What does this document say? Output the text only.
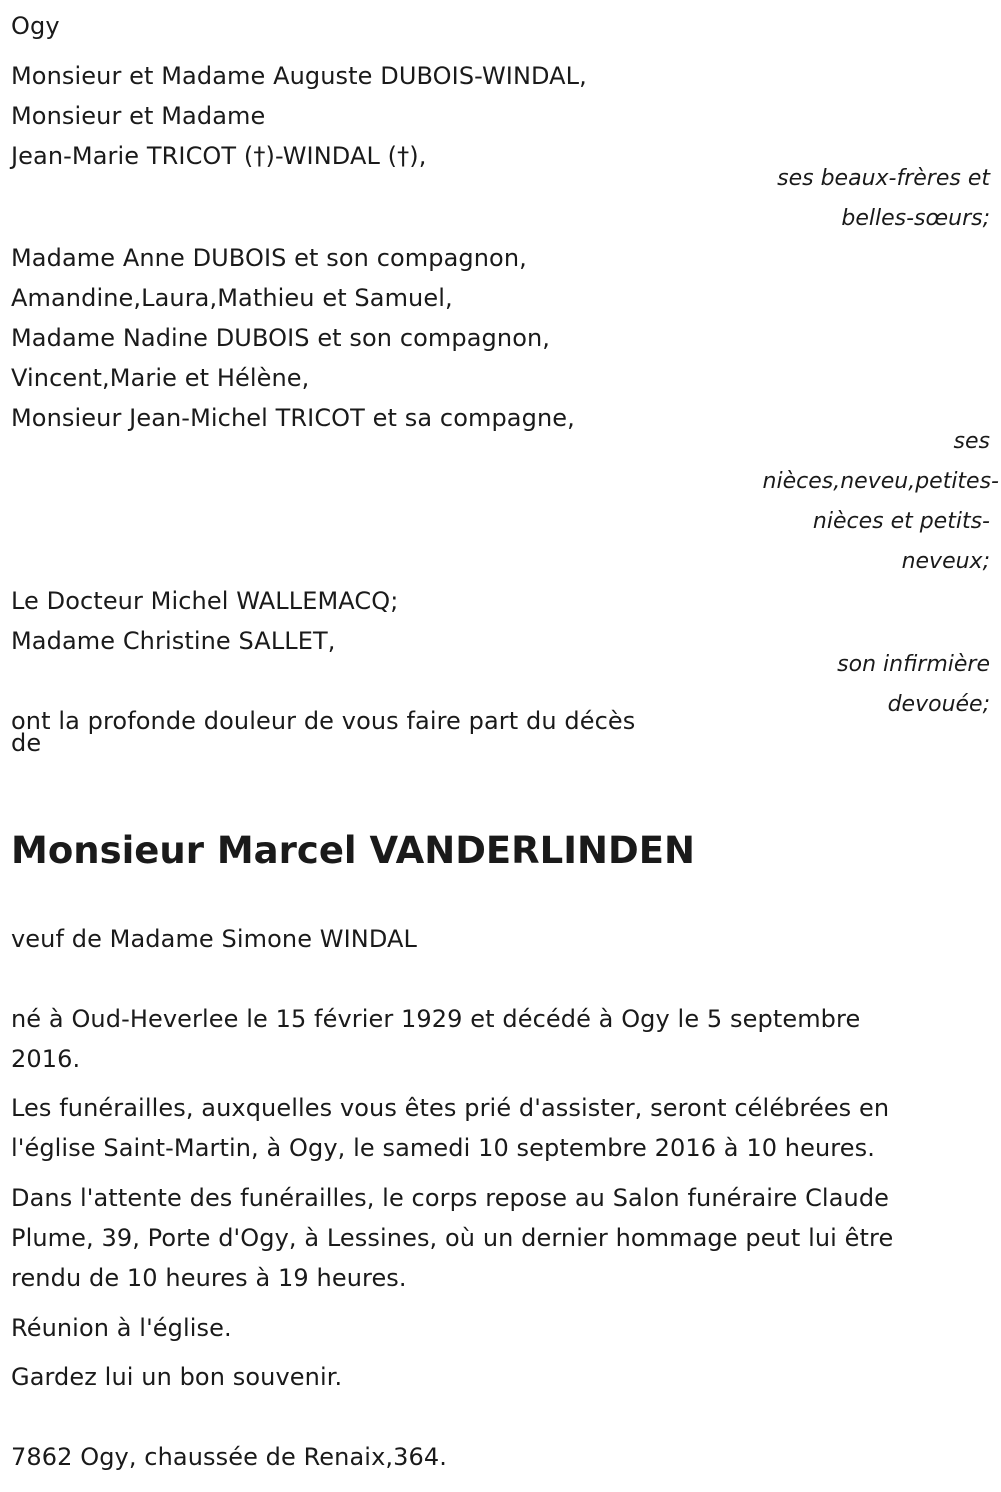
Ogy
Monsieur et Madame Auguste DUBOIS-WINDAL,
Monsieur et Madame
Jean-Marie TRICOT (†)-WINDAL (†),
ses beaux-frères et
belles-sœurs;
Madame Anne DUBOIS et son compagnon,
Amandine,Laura,Mathieu et Samuel,
Madame Nadine DUBOIS et son compagnon,
Vincent,Marie et Hélène,
Monsieur Jean-Michel TRICOT et sa compagne,
ses
nièces,neveu,petites-
nièces et petits-
neveux;
Le Docteur Michel WALLEMACQ;
Madame Christine SALLET,
son infirmière
devouée;
ont la profonde douleur de vous faire part du décès
de
Monsieur Marcel VANDERLINDEN
veuf de Madame Simone WINDAL
né à Oud-Heverlee le 15 février 1929 et décédé à Ogy le 5 septembre
2016.
Les funérailles, auxquelles vous êtes prié d'assister, seront célébrées en
l'église Saint-Martin, à Ogy, le samedi 10 septembre 2016 à 10 heures.
Dans l'attente des funérailles, le corps repose au Salon funéraire Claude
Plume, 39, Porte d'Ogy, à Lessines, où un dernier hommage peut lui être
rendu de 10 heures à 19 heures.
Réunion à l'église.
Gardez lui un bon souvenir.
7862 Ogy, chaussée de Renaix,364.
